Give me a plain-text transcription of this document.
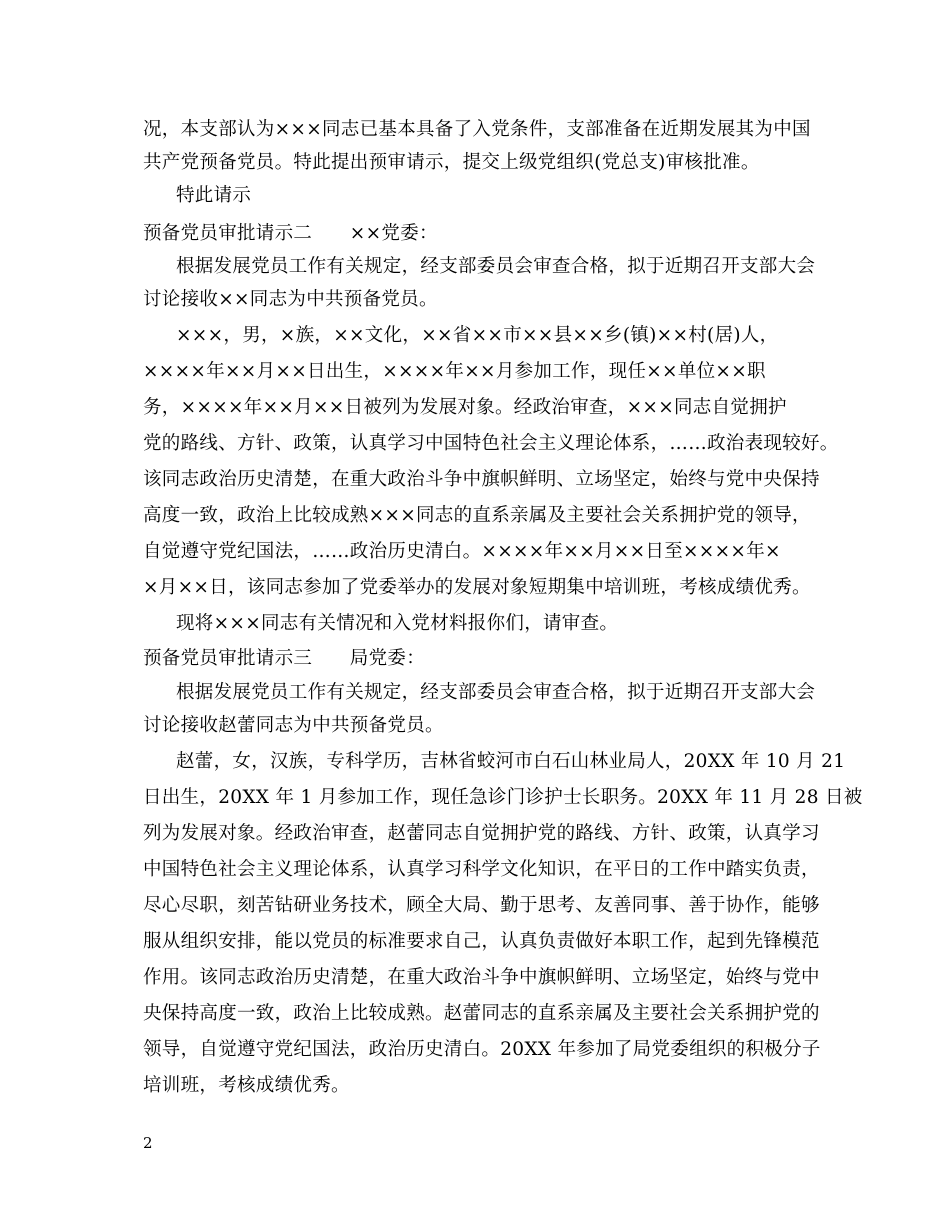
况，本支部认为×××同志已基本具备了入党条件，支部准备在近期发展其为中国
共产党预备党员。特此提出预审请示，提交上级党组织(党总支)审核批准。
特此请示
预备党员审批请示二　　××党委：
根据发展党员工作有关规定，经支部委员会审查合格，拟于近期召开支部大会
讨论接收××同志为中共预备党员。
×××，男，×族，××文化，××省××市××县××乡(镇)××村(居)人，
××××年××月××日出生，××××年××月参加工作，现任××单位××职
务，××××年××月××日被列为发展对象。经政治审查，×××同志自觉拥护
党的路线、方针、政策，认真学习中国特色社会主义理论体系，……政治表现较好。
该同志政治历史清楚，在重大政治斗争中旗帜鲜明、立场坚定，始终与党中央保持
高度一致，政治上比较成熟×××同志的直系亲属及主要社会关系拥护党的领导，
自觉遵守党纪国法，……政治历史清白。××××年××月××日至××××年×
×月××日，该同志参加了党委举办的发展对象短期集中培训班，考核成绩优秀。
现将×××同志有关情况和入党材料报你们，请审查。
预备党员审批请示三　　局党委：
根据发展党员工作有关规定，经支部委员会审查合格，拟于近期召开支部大会
讨论接收赵蕾同志为中共预备党员。
赵蕾，女，汉族，专科学历，吉林省蛟河市白石山林业局人，20XX 年 10 月 21
日出生，20XX 年 1 月参加工作，现任急诊门诊护士长职务。20XX 年 11 月 28 日被
列为发展对象。经政治审查，赵蕾同志自觉拥护党的路线、方针、政策，认真学习
中国特色社会主义理论体系，认真学习科学文化知识，在平日的工作中踏实负责，
尽心尽职，刻苦钻研业务技术，顾全大局、勤于思考、友善同事、善于协作，能够
服从组织安排，能以党员的标准要求自己，认真负责做好本职工作，起到先锋模范
作用。该同志政治历史清楚，在重大政治斗争中旗帜鲜明、立场坚定，始终与党中
央保持高度一致，政治上比较成熟。赵蕾同志的直系亲属及主要社会关系拥护党的
领导，自觉遵守党纪国法，政治历史清白。20XX 年参加了局党委组织的积极分子
培训班，考核成绩优秀。
2
